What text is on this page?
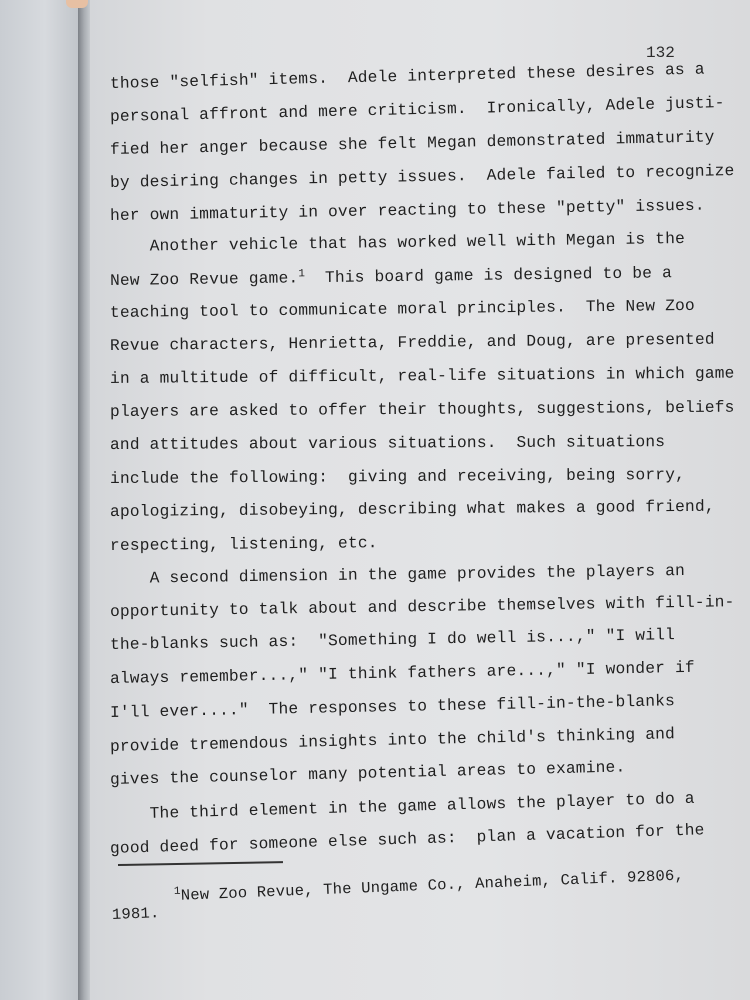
132
those "selfish" items.  Adele interpreted these desires as a
personal affront and mere criticism.  Ironically, Adele justi-
fied her anger because she felt Megan demonstrated immaturity
by desiring changes in petty issues.  Adele failed to recognize
her own immaturity in over reacting to these "petty" issues.
Another vehicle that has worked well with Megan is the
New Zoo Revue game.$^1$  This board game is designed to be a
teaching tool to communicate moral principles.  The New Zoo
Revue characters, Henrietta, Freddie, and Doug, are presented
in a multitude of difficult, real-life situations in which game
players are asked to offer their thoughts, suggestions, beliefs
and attitudes about various situations.  Such situations
include the following:  giving and receiving, being sorry,
apologizing, disobeying, describing what makes a good friend,
respecting, listening, etc.
A second dimension in the game provides the players an
opportunity to talk about and describe themselves with fill-in-
the-blanks such as:  "Something I do well is...," "I will
always remember...," "I think fathers are...," "I wonder if
I'll ever...."  The responses to these fill-in-the-blanks
provide tremendous insights into the child's thinking and
gives the counselor many potential areas to examine.
The third element in the game allows the player to do a
good deed for someone else such as:  plan a vacation for the
$^1$New Zoo Revue, The Ungame Co., Anaheim, Calif. 92806,
1981.
